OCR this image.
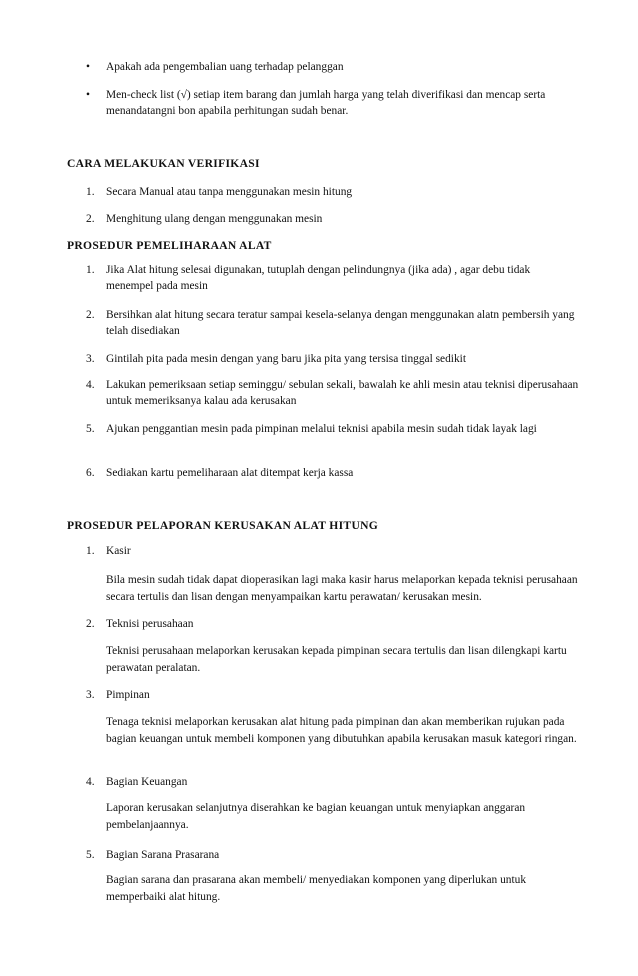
• Apakah ada pengembalian uang terhadap pelanggan

• Men-check list (√) setiap item barang dan jumlah harga yang telah diverifikasi dan mencap serta menandatangni bon apabila perhitungan sudah benar.

CARA MELAKUKAN VERIFIKASI
1. Secara Manual atau tanpa menggunakan mesin hitung

2. Menghitung ulang dengan menggunakan mesin

PROSEDUR PEMELIHARAAN ALAT
1. Jika Alat hitung selesai digunakan, tutuplah dengan pelindungnya (jika ada) , agar debu tidak menempel pada mesin

2. Bersihkan alat hitung secara teratur sampai kesela-selanya dengan menggunakan alatn pembersih yang telah disediakan

3. Gintilah pita pada mesin dengan yang baru jika pita yang tersisa tinggal sedikit

4. Lakukan pemeriksaan setiap seminggu/ sebulan sekali, bawalah ke ahli mesin atau teknisi diperusahaan untuk memeriksanya kalau ada kerusakan

5. Ajukan penggantian mesin pada pimpinan melalui teknisi apabila mesin sudah tidak layak lagi

6. Sediakan kartu pemeliharaan alat ditempat kerja kassa

PROSEDUR PELAPORAN KERUSAKAN ALAT HITUNG
1. Kasir

Bila mesin sudah tidak dapat dioperasikan lagi maka kasir harus melaporkan kepada teknisi perusahaan secara tertulis dan lisan dengan menyampaikan kartu perawatan/ kerusakan mesin.

2. Teknisi perusahaan

Teknisi perusahaan melaporkan kerusakan kepada pimpinan secara tertulis dan lisan dilengkapi kartu perawatan peralatan.

3. Pimpinan

Tenaga teknisi melaporkan kerusakan alat hitung pada pimpinan dan akan memberikan rujukan pada bagian keuangan untuk membeli komponen yang dibutuhkan apabila kerusakan masuk kategori ringan.

4. Bagian Keuangan

Laporan kerusakan selanjutnya diserahkan ke bagian keuangan untuk menyiapkan anggaran pembelanjaannya.

5. Bagian Sarana Prasarana

Bagian sarana dan prasarana akan membeli/ menyediakan komponen yang diperlukan untuk memperbaiki alat hitung.
